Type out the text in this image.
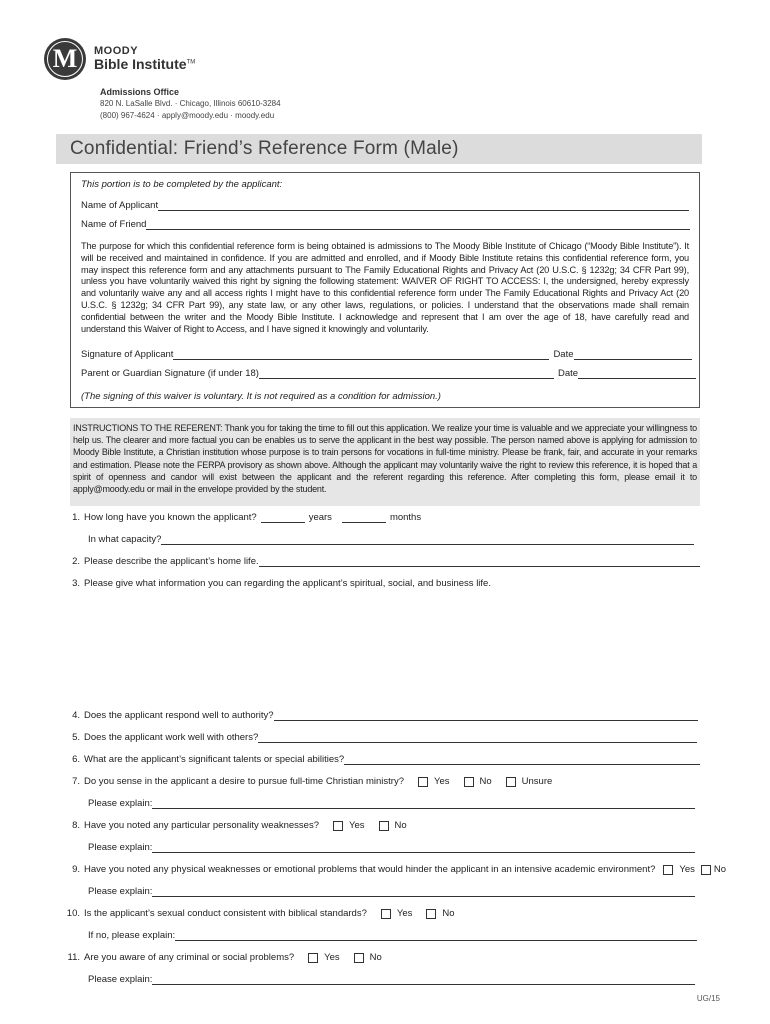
M MOODY
Bible Institute™
Admissions Office
820 N. LaSalle Blvd. · Chicago, Illinois 60610-3284
(800) 967-4624 · apply@moody.edu · moody.edu
Confidential: Friend’s Reference Form (Male)
This portion is to be completed by the applicant:
Name of Applicant
Name of Friend
The purpose for which this confidential reference form is being obtained is admissions to The Moody Bible Institute of Chicago (“Moody Bible Institute”). It will be received and maintained in confidence. If you are admitted and enrolled, and if Moody Bible Institute retains this confidential reference form, you may inspect this reference form and any attachments pursuant to The Family Educational Rights and Privacy Act (20 U.S.C. § 1232g; 34 CFR Part 99), unless you have voluntarily waived this right by signing the following statement: WAIVER OF RIGHT TO ACCESS: I, the undersigned, hereby expressly and voluntarily waive any and all access rights I might have to this confidential reference form under The Family Educational Rights and Privacy Act (20 U.S.C. § 1232g; 34 CFR Part 99), any state law, or any other laws, regulations, or policies. I understand that the observations made shall remain confidential between the writer and the Moody Bible Institute. I acknowledge and represent that I am over the age of 18, have carefully read and understand this Waiver of Right to Access, and I have signed it knowingly and voluntarily.
Signature of Applicant	Date
Parent or Guardian Signature (if under 18)	Date
(The signing of this waiver is voluntary. It is not required as a condition for admission.)
INSTRUCTIONS TO THE REFERENT: Thank you for taking the time to fill out this application. We realize your time is valuable and we appreciate your willingness to help us. The clearer and more factual you can be enables us to serve the applicant in the best way possible. The person named above is applying for admission to Moody Bible Institute, a Christian institution whose purpose is to train persons for vocations in full-time ministry. Please be frank, fair, and accurate in your remarks and estimation. Please note the FERPA provisory as shown above. Although the applicant may voluntarily waive the right to review this reference, it is hoped that a spirit of openness and candor will exist between the applicant and the referent regarding this reference. After completing this form, please email it to apply@moody.edu or mail in the envelope provided by the student.
1. How long have you known the applicant?	years	months
In what capacity?
2. Please describe the applicant’s home life.
3. Please give what information you can regarding the applicant’s spiritual, social, and business life.
4. Does the applicant respond well to authority?
5. Does the applicant work well with others?
6. What are the applicant’s significant talents or special abilities?
7. Do you sense in the applicant a desire to pursue full-time Christian ministry?	Yes	No	Unsure
Please explain:
8. Have you noted any particular personality weaknesses?	Yes	No
Please explain:
9. Have you noted any physical weaknesses or emotional problems that would hinder the applicant in an intensive academic environment?	Yes No
Please explain:
10. Is the applicant’s sexual conduct consistent with biblical standards?	Yes	No
If no, please explain:
11. Are you aware of any criminal or social problems?	Yes	No
Please explain:
UG/15
